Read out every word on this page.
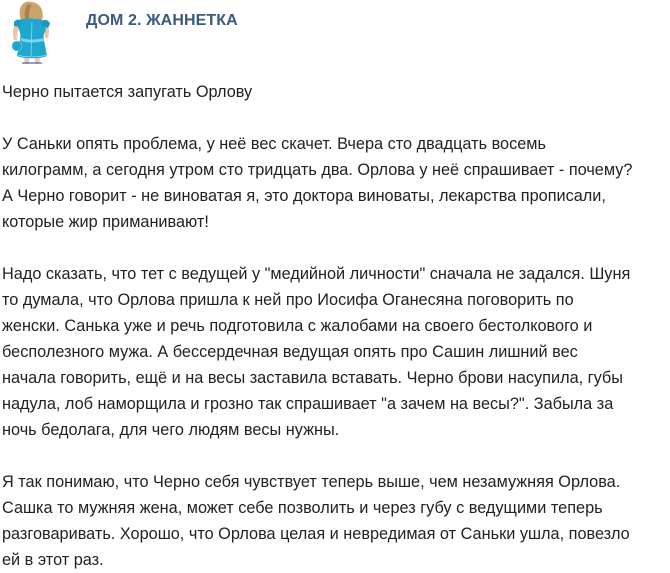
ДОМ 2. ЖАННЕТКА
Черно пытается запугать Орлову
У Саньки опять проблема, у неё вес скачет. Вчера сто двадцать восемь
килограмм, а сегодня утром сто тридцать два. Орлова у неё спрашивает - почему?
А Черно говорит - не виноватая я, это доктора виноваты, лекарства прописали,
которые жир приманивают!
Надо сказать, что тет с ведущей у "медийной личности" сначала не задался. Шуня
то думала, что Орлова пришла к ней про Иосифа Оганесяна поговорить по
женски. Санька уже и речь подготовила с жалобами на своего бестолкового и
бесполезного мужа. А бессердечная ведущая опять про Сашин лишний вес
начала говорить, ещё и на весы заставила вставать. Черно брови насупила, губы
надула, лоб наморщила и грозно так спрашивает "а зачем на весы?". Забыла за
ночь бедолага, для чего людям весы нужны.
Я так понимаю, что Черно себя чувствует теперь выше, чем незамужняя Орлова.
Сашка то мужняя жена, может себе позволить и через губу с ведущими теперь
разговаривать. Хорошо, что Орлова целая и невредимая от Саньки ушла, повезло
ей в этот раз.
